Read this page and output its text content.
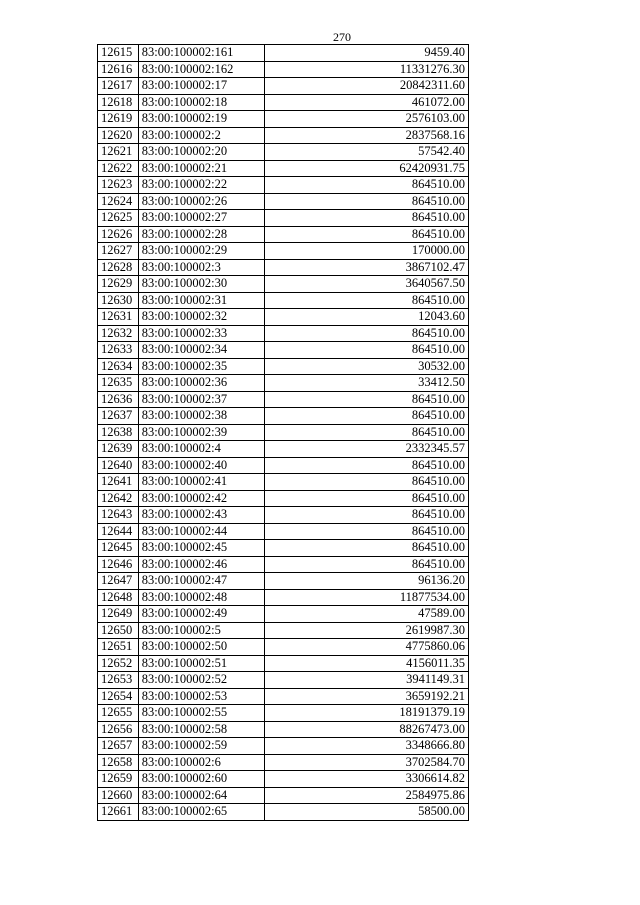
270
12615	83:00:100002:161	9459.40
12616	83:00:100002:162	11331276.30
12617	83:00:100002:17	20842311.60
12618	83:00:100002:18	461072.00
12619	83:00:100002:19	2576103.00
12620	83:00:100002:2	2837568.16
12621	83:00:100002:20	57542.40
12622	83:00:100002:21	62420931.75
12623	83:00:100002:22	864510.00
12624	83:00:100002:26	864510.00
12625	83:00:100002:27	864510.00
12626	83:00:100002:28	864510.00
12627	83:00:100002:29	170000.00
12628	83:00:100002:3	3867102.47
12629	83:00:100002:30	3640567.50
12630	83:00:100002:31	864510.00
12631	83:00:100002:32	12043.60
12632	83:00:100002:33	864510.00
12633	83:00:100002:34	864510.00
12634	83:00:100002:35	30532.00
12635	83:00:100002:36	33412.50
12636	83:00:100002:37	864510.00
12637	83:00:100002:38	864510.00
12638	83:00:100002:39	864510.00
12639	83:00:100002:4	2332345.57
12640	83:00:100002:40	864510.00
12641	83:00:100002:41	864510.00
12642	83:00:100002:42	864510.00
12643	83:00:100002:43	864510.00
12644	83:00:100002:44	864510.00
12645	83:00:100002:45	864510.00
12646	83:00:100002:46	864510.00
12647	83:00:100002:47	96136.20
12648	83:00:100002:48	11877534.00
12649	83:00:100002:49	47589.00
12650	83:00:100002:5	2619987.30
12651	83:00:100002:50	4775860.06
12652	83:00:100002:51	4156011.35
12653	83:00:100002:52	3941149.31
12654	83:00:100002:53	3659192.21
12655	83:00:100002:55	18191379.19
12656	83:00:100002:58	88267473.00
12657	83:00:100002:59	3348666.80
12658	83:00:100002:6	3702584.70
12659	83:00:100002:60	3306614.82
12660	83:00:100002:64	2584975.86
12661	83:00:100002:65	58500.00
